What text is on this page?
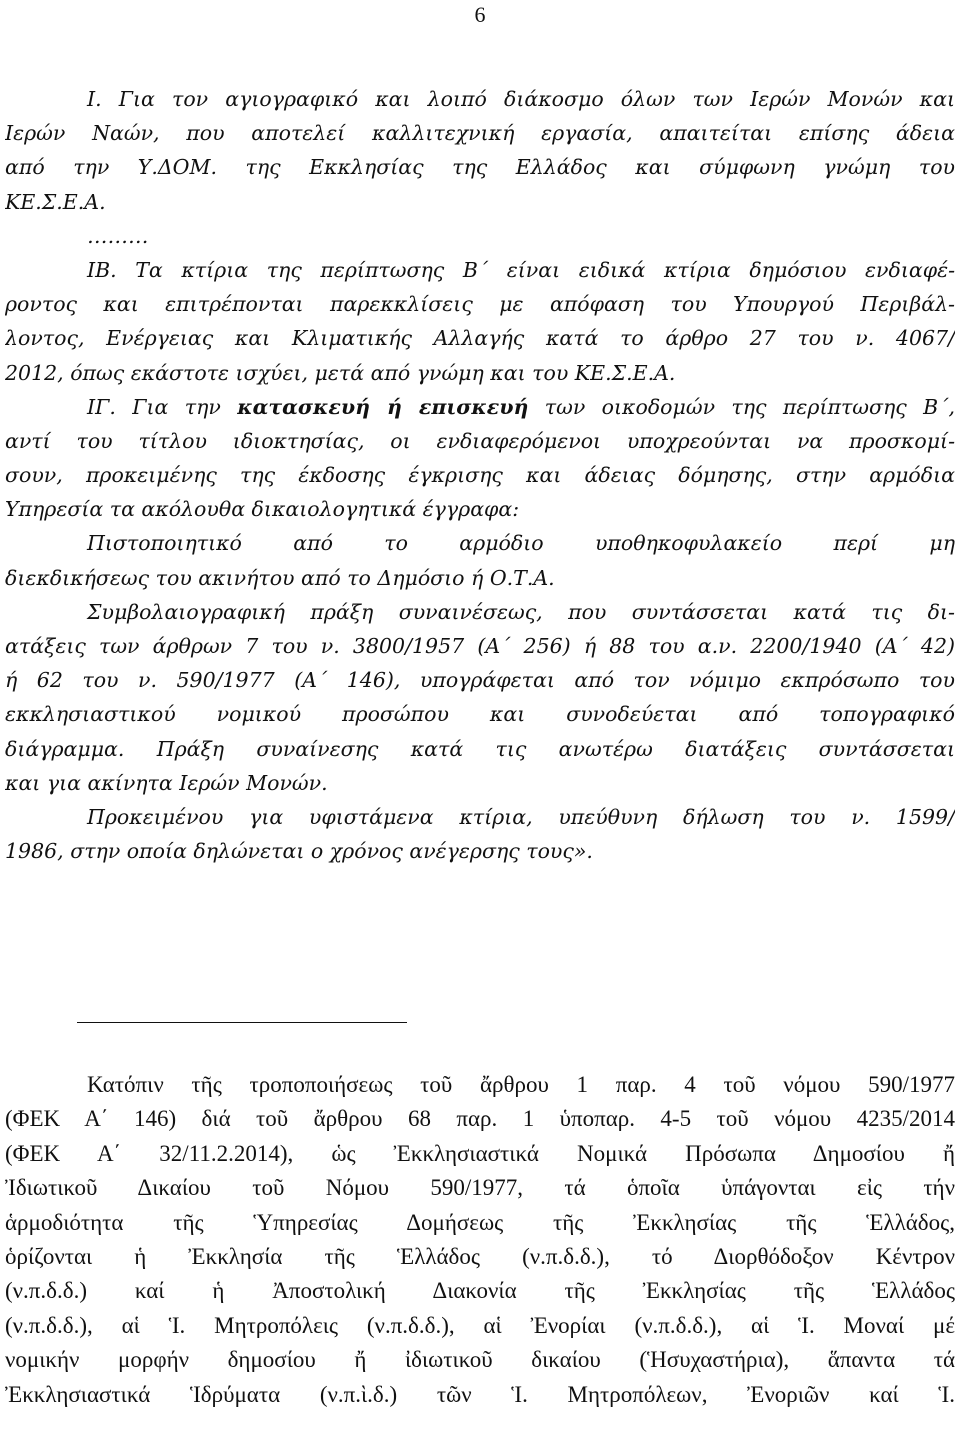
6
Ι. Για τον αγιογραφικό και λοιπό διάκοσμο όλων των Ιερών Μονών και
Ιερών Ναών, που αποτελεί καλλιτεχνική εργασία, απαιτείται επίσης άδεια
από την Υ.ΔΟΜ. της Εκκλησίας της Ελλάδος και σύμφωνη γνώμη του
ΚΕ.Σ.Ε.Α.
………
ΙΒ. Τα κτίρια της περίπτωσης Β΄ είναι ειδικά κτίρια δημόσιου ενδιαφέ-
ροντος και επιτρέπονται παρεκκλίσεις με απόφαση του Υπουργού Περιβάλ-
λοντος, Ενέργειας και Κλιματικής Αλλαγής κατά το άρθρο 27 του ν. 4067/
2012, όπως εκάστοτε ισχύει, μετά από γνώμη και του ΚΕ.Σ.Ε.Α.
ΙΓ. Για την κατασκευή ή επισκευή των οικοδομών της περίπτωσης Β΄,
αντί του τίτλου ιδιοκτησίας, οι ενδιαφερόμενοι υποχρεούνται να προσκομί-
σουν, προκειμένης της έκδοσης έγκρισης και άδειας δόμησης, στην αρμόδια
Υπηρεσία τα ακόλουθα δικαιολογητικά έγγραφα:
Πιστοποιητικό από το αρμόδιο υποθηκοφυλακείο περί μη
διεκδικήσεως του ακινήτου από το Δημόσιο ή Ο.Τ.Α.
Συμβολαιογραφική πράξη συναινέσεως, που συντάσσεται κατά τις δι-
ατάξεις των άρθρων 7 του ν. 3800/1957 (Α΄ 256) ή 88 του α.ν. 2200/1940 (Α΄ 42)
ή 62 του ν. 590/1977 (Α΄ 146), υπογράφεται από τον νόμιμο εκπρόσωπο του
εκκλησιαστικού νομικού προσώπου και συνοδεύεται από τοπογραφικό
διάγραμμα. Πράξη συναίνεσης κατά τις ανωτέρω διατάξεις συντάσσεται
και για ακίνητα Ιερών Μονών.
Προκειμένου για υφιστάμενα κτίρια, υπεύθυνη δήλωση του ν. 1599/
1986, στην οποία δηλώνεται ο χρόνος ανέγερσης τους».
Κατόπιν τῆς τροποποιήσεως τοῦ ἄρθρου 1 παρ. 4 τοῦ νόμου 590/1977
(ΦΕΚ Α΄ 146) διά τοῦ ἄρθρου 68 παρ. 1 ὑποπαρ. 4-5 τοῦ νόμου 4235/2014
(ΦΕΚ Α΄ 32/11.2.2014), ὡς Ἐκκλησιαστικά Νομικά Πρόσωπα Δημοσίου ἤ
Ἰδιωτικοῦ Δικαίου τοῦ Νόμου 590/1977, τά ὁποῖα ὑπάγονται εἰς τήν
ἁρμοδιότητα τῆς Ὑπηρεσίας Δομήσεως τῆς Ἐκκλησίας τῆς Ἑλλάδος,
ὁρίζονται ἡ Ἐκκλησία τῆς Ἑλλάδος (ν.π.δ.δ.), τό Διορθόδοξον Κέντρον
(ν.π.δ.δ.) καί ἡ Ἀποστολική Διακονία τῆς Ἐκκλησίας τῆς Ἑλλάδος
(ν.π.δ.δ.), αἱ Ἱ. Μητροπόλεις (ν.π.δ.δ.), αἱ Ἐνορίαι (ν.π.δ.δ.), αἱ Ἱ. Μοναί μέ
νομικήν μορφήν δημοσίου ἤ ἰδιωτικοῦ δικαίου (Ἡσυχαστήρια), ἅπαντα τά
Ἐκκλησιαστικά Ἱδρύματα (ν.π.ὶ.δ.) τῶν Ἱ. Μητροπόλεων, Ἐνοριῶν καί Ἱ.
